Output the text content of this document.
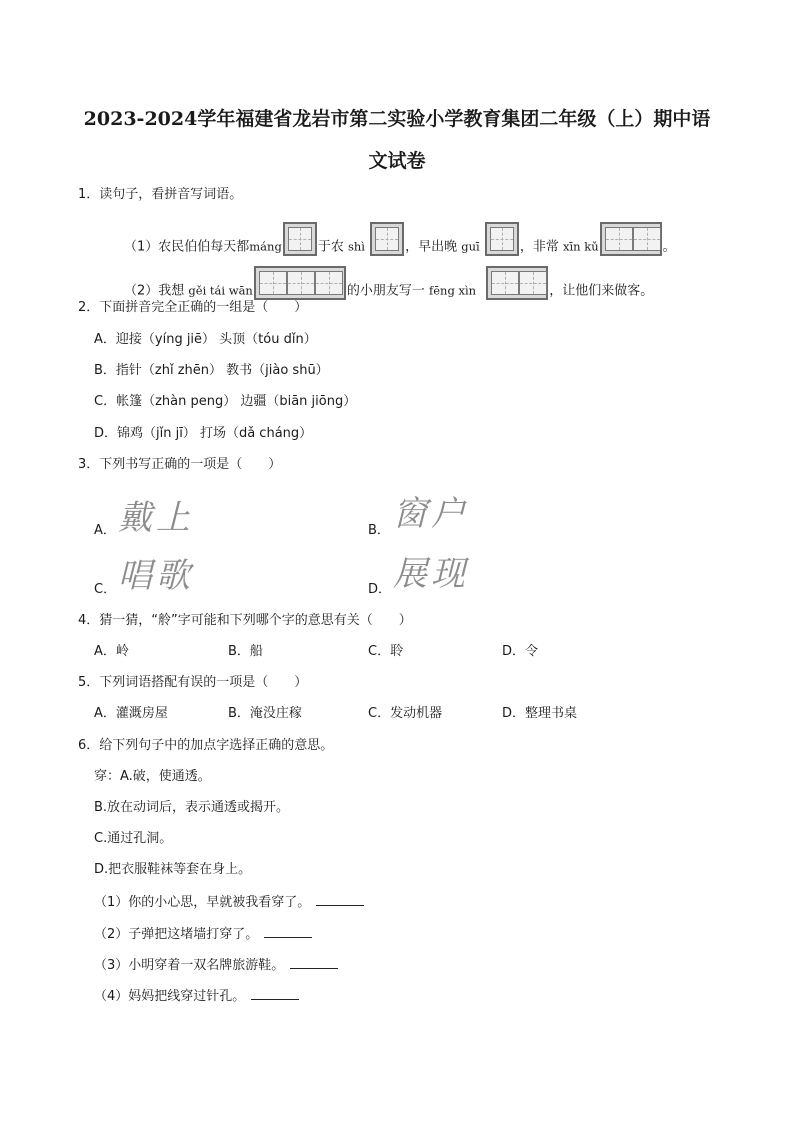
2023-2024学年福建省龙岩市第二实验小学教育集团二年级（上）期中语
文试卷
1．读句子，看拼音写词语。
（1）农民伯伯每天都máng	于农 shì	，早出晚 guī	，非常 xīn kǔ	。
（2）我想 gěi tái wān	的小朋友写一 fēng xìn	，让他们来做客。
2．下面拼音完全正确的一组是（　　）
A．迎接（yíng jiē） 头顶（tóu dǐn）
B．指针（zhǐ zhēn） 教书（jiào shū）
C．帐篷（zhàn peng） 边疆（biān jiōng）
D．锦鸡（jǐn jī） 打场（dǎ cháng）
3．下列书写正确的一项是（　　）
A． 戴上	B． 窗户
C． 唱歌	D． 展现
4．猜一猜，“舲”字可能和下列哪个字的意思有关（　　）
A．岭	B．船	C．聆	D．令
5．下列词语搭配有误的一项是（　　）
A．灌溉房屋	B．淹没庄稼	C．发动机器	D．整理书桌
6．给下列句子中的加点字选择正确的意思。
穿：A.破，使通透。
B.放在动词后，表示通透或揭开。
C.通过孔洞。
D.把衣服鞋袜等套在身上。
（1）你的小心思，早就被我看穿了。
（2）子弹把这堵墙打穿了。
（3）小明穿着一双名牌旅游鞋。
（4）妈妈把线穿过针孔。
